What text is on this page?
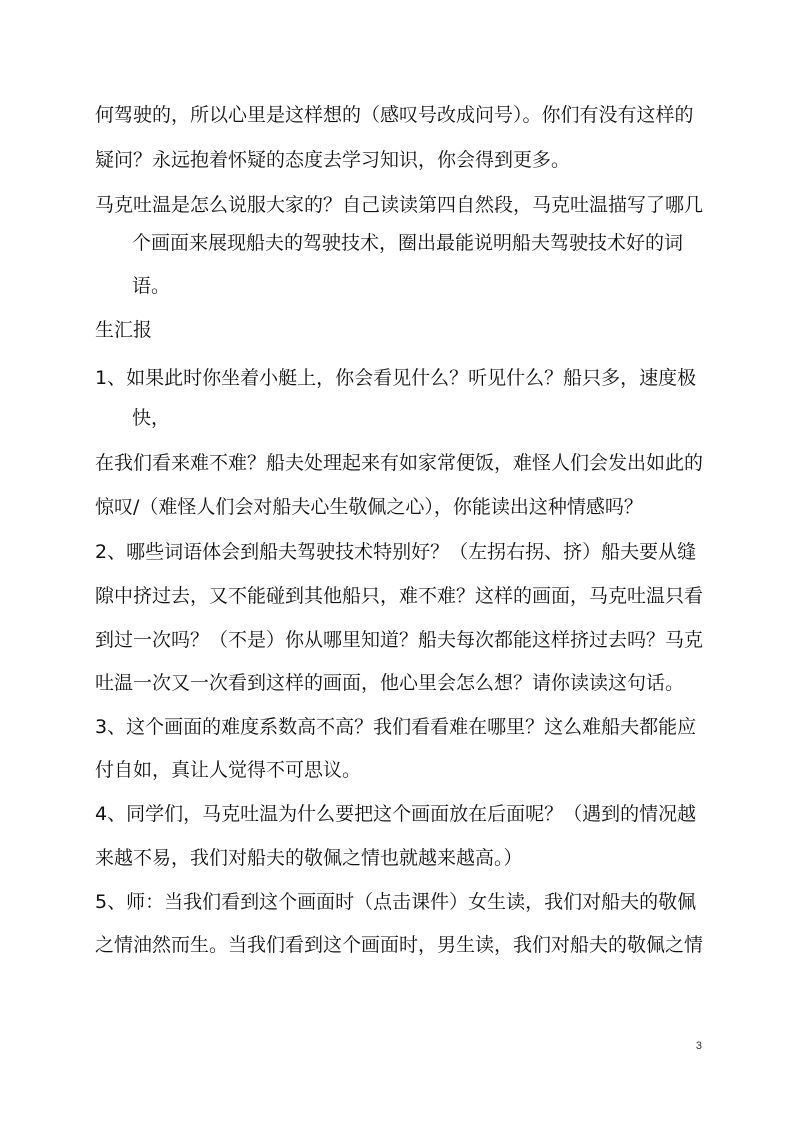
何驾驶的，所以心里是这样想的（感叹号改成问号）。你们有没有这样的
疑问？永远抱着怀疑的态度去学习知识，你会得到更多。
马克吐温是怎么说服大家的？自己读读第四自然段，马克吐温描写了哪几
个画面来展现船夫的驾驶技术，圈出最能说明船夫驾驶技术好的词
语。
生汇报
1、如果此时你坐着小艇上，你会看见什么？听见什么？船只多，速度极
快，
在我们看来难不难？船夫处理起来有如家常便饭，难怪人们会发出如此的
惊叹/（难怪人们会对船夫心生敬佩之心），你能读出这种情感吗？
2、哪些词语体会到船夫驾驶技术特别好？（左拐右拐、挤）船夫要从缝
隙中挤过去，又不能碰到其他船只，难不难？这样的画面，马克吐温只看
到过一次吗？（不是）你从哪里知道？船夫每次都能这样挤过去吗？马克
吐温一次又一次看到这样的画面，他心里会怎么想？请你读读这句话。
3、这个画面的难度系数高不高？我们看看难在哪里？这么难船夫都能应
付自如，真让人觉得不可思议。
4、同学们，马克吐温为什么要把这个画面放在后面呢？（遇到的情况越
来越不易，我们对船夫的敬佩之情也就越来越高。）
5、师：当我们看到这个画面时（点击课件）女生读，我们对船夫的敬佩
之情油然而生。当我们看到这个画面时，男生读，我们对船夫的敬佩之情
3
